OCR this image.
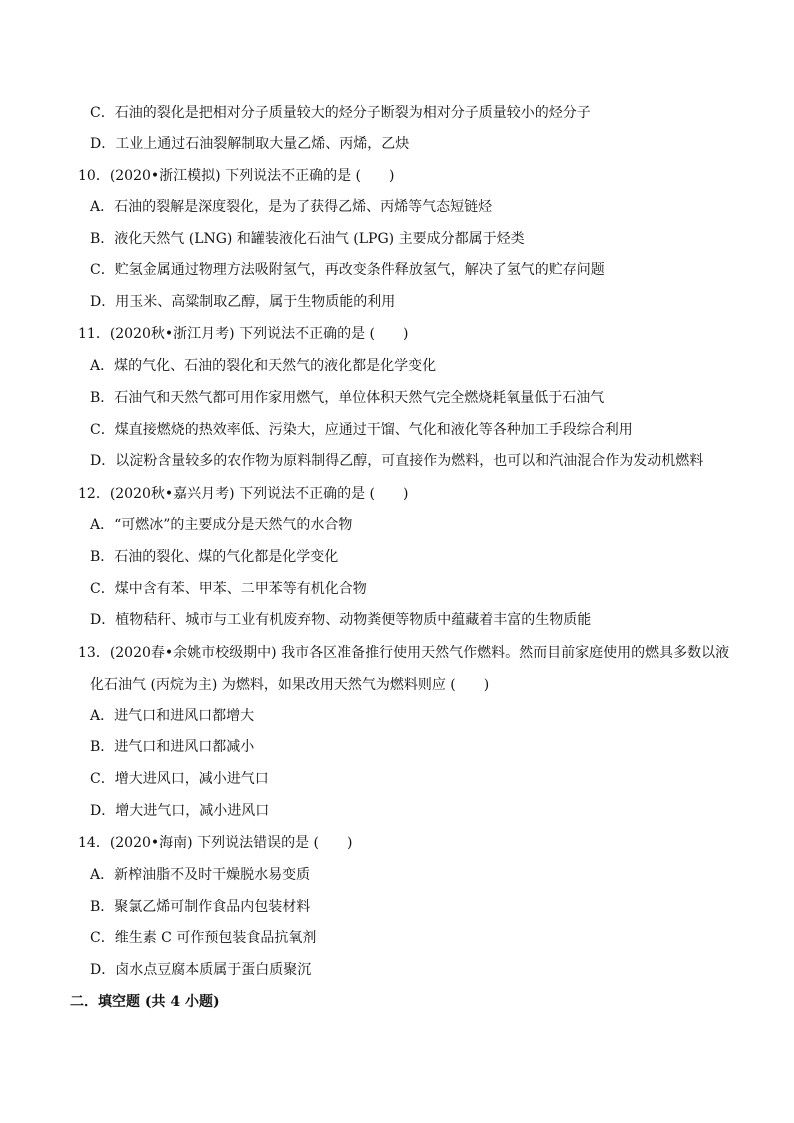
C．石油的裂化是把相对分子质量较大的烃分子断裂为相对分子质量较小的烃分子
D．工业上通过石油裂解制取大量乙烯、丙烯，乙炔
10．(2020•浙江模拟) 下列说法不正确的是 (　　)
A．石油的裂解是深度裂化，是为了获得乙烯、丙烯等气态短链烃
B．液化天然气 (LNG) 和罐装液化石油气 (LPG) 主要成分都属于烃类
C．贮氢金属通过物理方法吸附氢气，再改变条件释放氢气，解决了氢气的贮存问题
D．用玉米、高粱制取乙醇，属于生物质能的利用
11．(2020秋•浙江月考) 下列说法不正确的是 (　　)
A．煤的气化、石油的裂化和天然气的液化都是化学变化
B．石油气和天然气都可用作家用燃气，单位体积天然气完全燃烧耗氧量低于石油气
C．煤直接燃烧的热效率低、污染大，应通过干馏、气化和液化等各种加工手段综合利用
D．以淀粉含量较多的农作物为原料制得乙醇，可直接作为燃料，也可以和汽油混合作为发动机燃料
12．(2020秋•嘉兴月考) 下列说法不正确的是 (　　)
A．“可燃冰”的主要成分是天然气的水合物
B．石油的裂化、煤的气化都是化学变化
C．煤中含有苯、甲苯、二甲苯等有机化合物
D．植物秸秆、城市与工业有机废弃物、动物粪便等物质中蕴藏着丰富的生物质能
13．(2020春•余姚市校级期中) 我市各区准备推行使用天然气作燃料。然而目前家庭使用的燃具多数以液
化石油气 (丙烷为主) 为燃料，如果改用天然气为燃料则应 (　　)
A．进气口和进风口都增大
B．进气口和进风口都减小
C．增大进风口，减小进气口
D．增大进气口，减小进风口
14．(2020•海南) 下列说法错误的是 (　　)
A．新榨油脂不及时干燥脱水易变质
B．聚氯乙烯可制作食品内包装材料
C．维生素 C 可作预包装食品抗氧剂
D．卤水点豆腐本质属于蛋白质聚沉
二．填空题 (共 4 小题)
